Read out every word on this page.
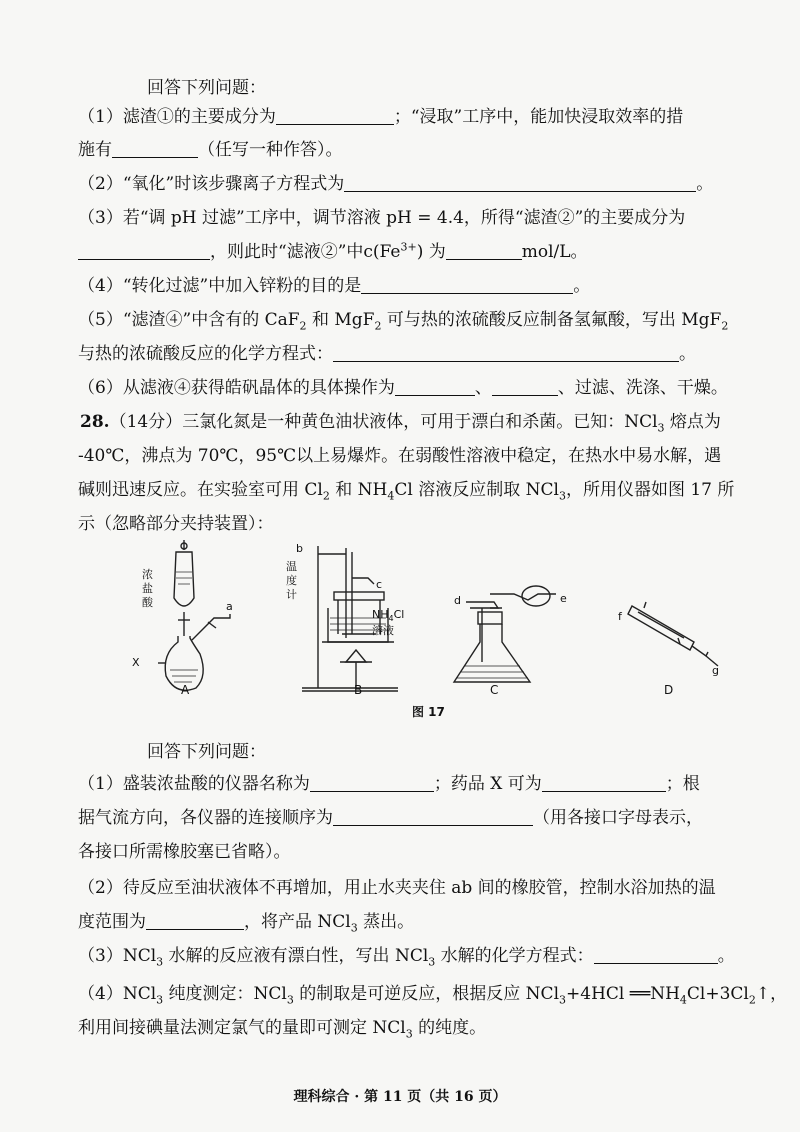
回答下列问题：
（1）滤渣①的主要成分为	；“浸取”工序中，能加快浸取效率的措
施有	（任写一种作答）。
（2）“氧化”时该步骤离子方程式为	。
（3）若“调 pH 过滤”工序中，调节溶液 pH = 4.4，所得“滤渣②”的主要成分为
，则此时“滤液②”中$c(Fe^{3+})$ 为	mol/L。
（4）“转化过滤”中加入锌粉的目的是	。
（5）“滤渣④”中含有的 CaF$_2$ 和 MgF$_2$ 可与热的浓硫酸反应制备氢氟酸，写出 MgF$_2$
与热的浓硫酸反应的化学方程式：	。
（6）从滤液④获得皓矾晶体的具体操作为	、	、过滤、洗涤、干燥。
28.（14分）三氯化氮是一种黄色油状液体，可用于漂白和杀菌。已知：NCl$_3$ 熔点为
-40℃，沸点为 70℃，95℃以上易爆炸。在弱酸性溶液中稳定，在热水中易水解，遇
碱则迅速反应。在实验室可用 $Cl_2$ 和 $NH_4Cl$ 溶液反应制取 NCl$_3$，所用仪器如图 17 所
示（忽略部分夹持装置）：
浓
盐
酸	a
X
A
b
温
度
计
c
$NH_4Cl$
溶液
B
d	e
C
f
g
D
图 17
回答下列问题：
（1）盛装浓盐酸的仪器名称为	；药品 X 可为	；根
据气流方向，各仪器的连接顺序为	（用各接口字母表示，
各接口所需橡胶塞已省略）。
（2）待反应至油状液体不再增加，用止水夹夹住 ab 间的橡胶管，控制水浴加热的温
度范围为	，将产品 NCl$_3$ 蒸出。
（3）NCl$_3$ 水解的反应液有漂白性，写出 NCl$_3$ 水解的化学方程式：	。
（4）NCl$_3$ 纯度测定：NCl$_3$ 的制取是可逆反应，根据反应 NCl$_3$+4HCl $══NH_4Cl+3Cl_2↑$，
利用间接碘量法测定氯气的量即可测定 NCl$_3$ 的纯度。
理科综合 · 第 11 页（共 16 页）
